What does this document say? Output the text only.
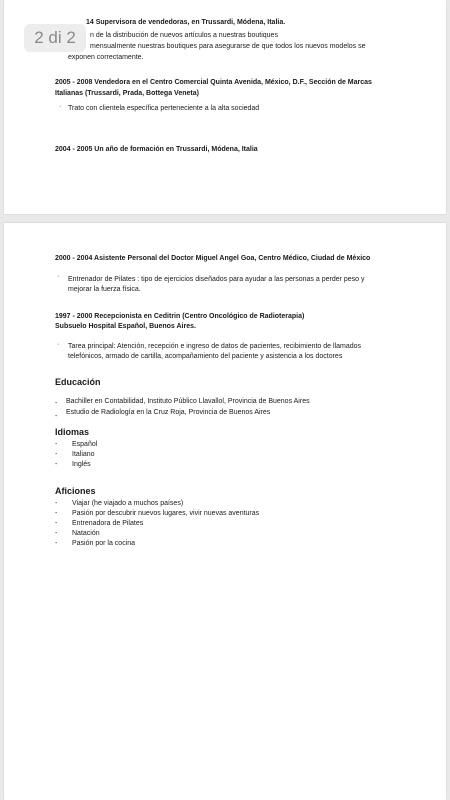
2 di 2
14 Supervisora de vendedoras, en Trussardi, Módena, Italia.
n de la distribución de nuevos artículos a nuestras boutiques
mensualmente nuestras boutiques para asegurarse de que todos los nuevos modelos se
exponen correctamente.
2005 - 2008 Vendedora en el Centro Comercial Quinta Avenida, México, D.F., Sección de Marcas
Italianas (Trussardi, Prada, Bottega Veneta)
· Trato con clientela específica perteneciente a la alta sociedad
2004 - 2005 Un año de formación en Trussardi, Módena, Italia
2000 - 2004 Asistente Personal del Doctor Miguel Angel Goa, Centro Médico, Ciudad de México
· Entrenador de Pilates : tipo de ejercicios diseñados para ayudar a las personas a perder peso y
mejorar la fuerza física.
1997 - 2000 Recepcionista en Ceditrin (Centro Oncológico de Radioterapia)
Subsuelo Hospital Español, Buenos Aires.
· Tarea principal: Atención, recepción e ingreso de datos de pacientes, recibimiento de llamados
telefónicos, armado de cartilla, acompañamiento del paciente y asistencia a los doctores
Educación
- Bachiller en Contabilidad, Instituto Público Llavallol, Provincia de Buenos Aires
Estudio de Radiología en la Cruz Roja, Provincia de Buenos Aires
-
Idiomas
- Español
- Italiano
- Inglés
Aficiones
- Viajar (he viajado a muchos países)
- Pasión por descubrir nuevos lugares, vivir nuevas aventuras
- Entrenadora de Pilates
- Natación
- Pasión por la cocina
